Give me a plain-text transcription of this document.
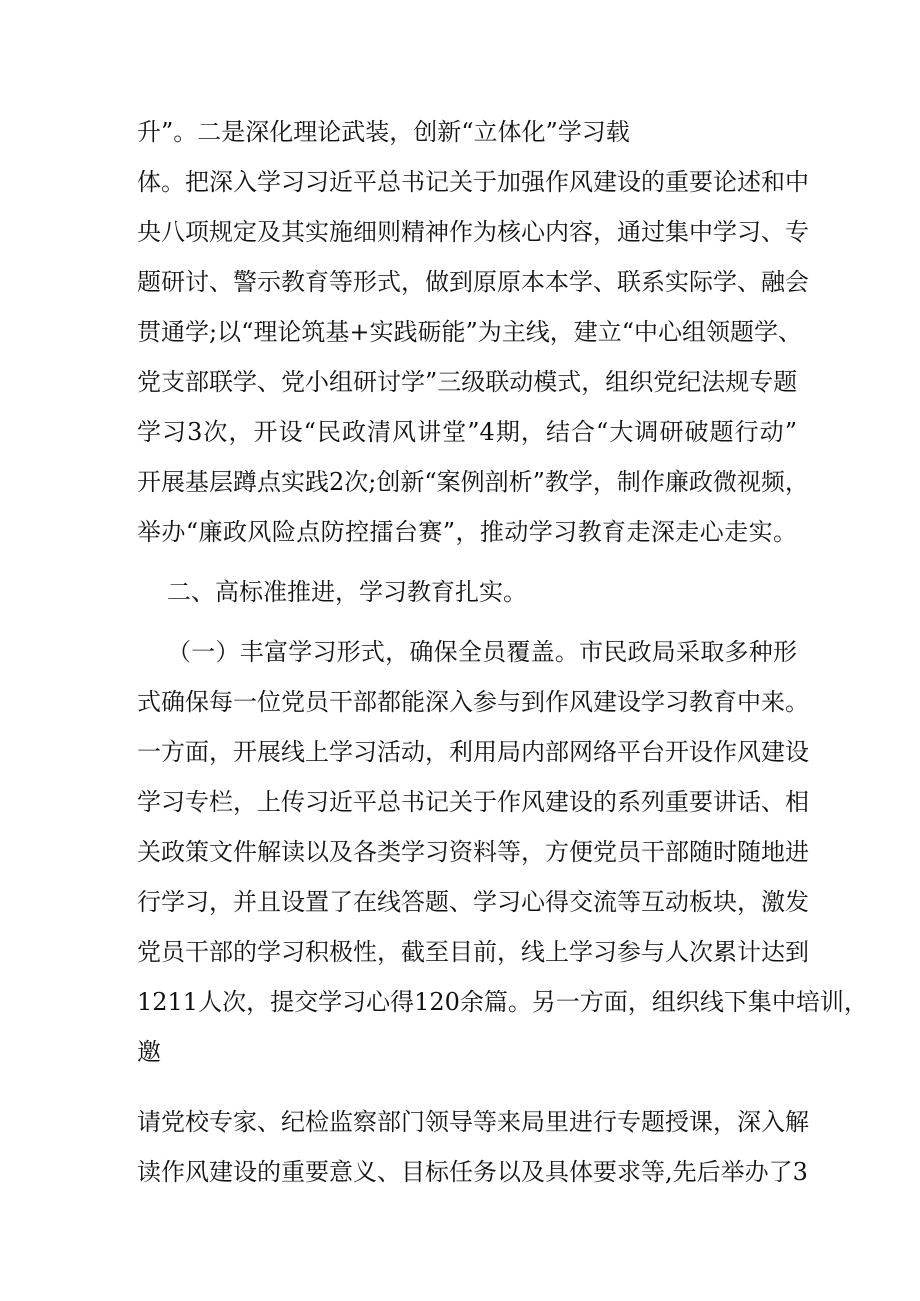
升”。二是深化理论武装，创新“立体化”学习载
体。把深入学习习近平总书记关于加强作风建设的重要论述和中
央八项规定及其实施细则精神作为核心内容，通过集中学习、专
题研讨、警示教育等形式，做到原原本本学、联系实际学、融会
贯通学;以“理论筑基+实践砺能”为主线，建立“中心组领题学、
党支部联学、党小组研讨学”三级联动模式，组织党纪法规专题
学习3次，开设“民政清风讲堂”4期，结合“大调研破题行动”
开展基层蹲点实践2次;创新“案例剖析”教学，制作廉政微视频，
举办“廉政风险点防控擂台赛”，推动学习教育走深走心走实。
二、高标准推进，学习教育扎实。
（一）丰富学习形式，确保全员覆盖。市民政局采取多种形
式确保每一位党员干部都能深入参与到作风建设学习教育中来。
一方面，开展线上学习活动，利用局内部网络平台开设作风建设
学习专栏，上传习近平总书记关于作风建设的系列重要讲话、相
关政策文件解读以及各类学习资料等，方便党员干部随时随地进
行学习，并且设置了在线答题、学习心得交流等互动板块，激发
党员干部的学习积极性，截至目前，线上学习参与人次累计达到
1211人次，提交学习心得120余篇。另一方面，组织线下集中培训，
邀
请党校专家、纪检监察部门领导等来局里进行专题授课，深入解
读作风建设的重要意义、目标任务以及具体要求等,先后举办了3
